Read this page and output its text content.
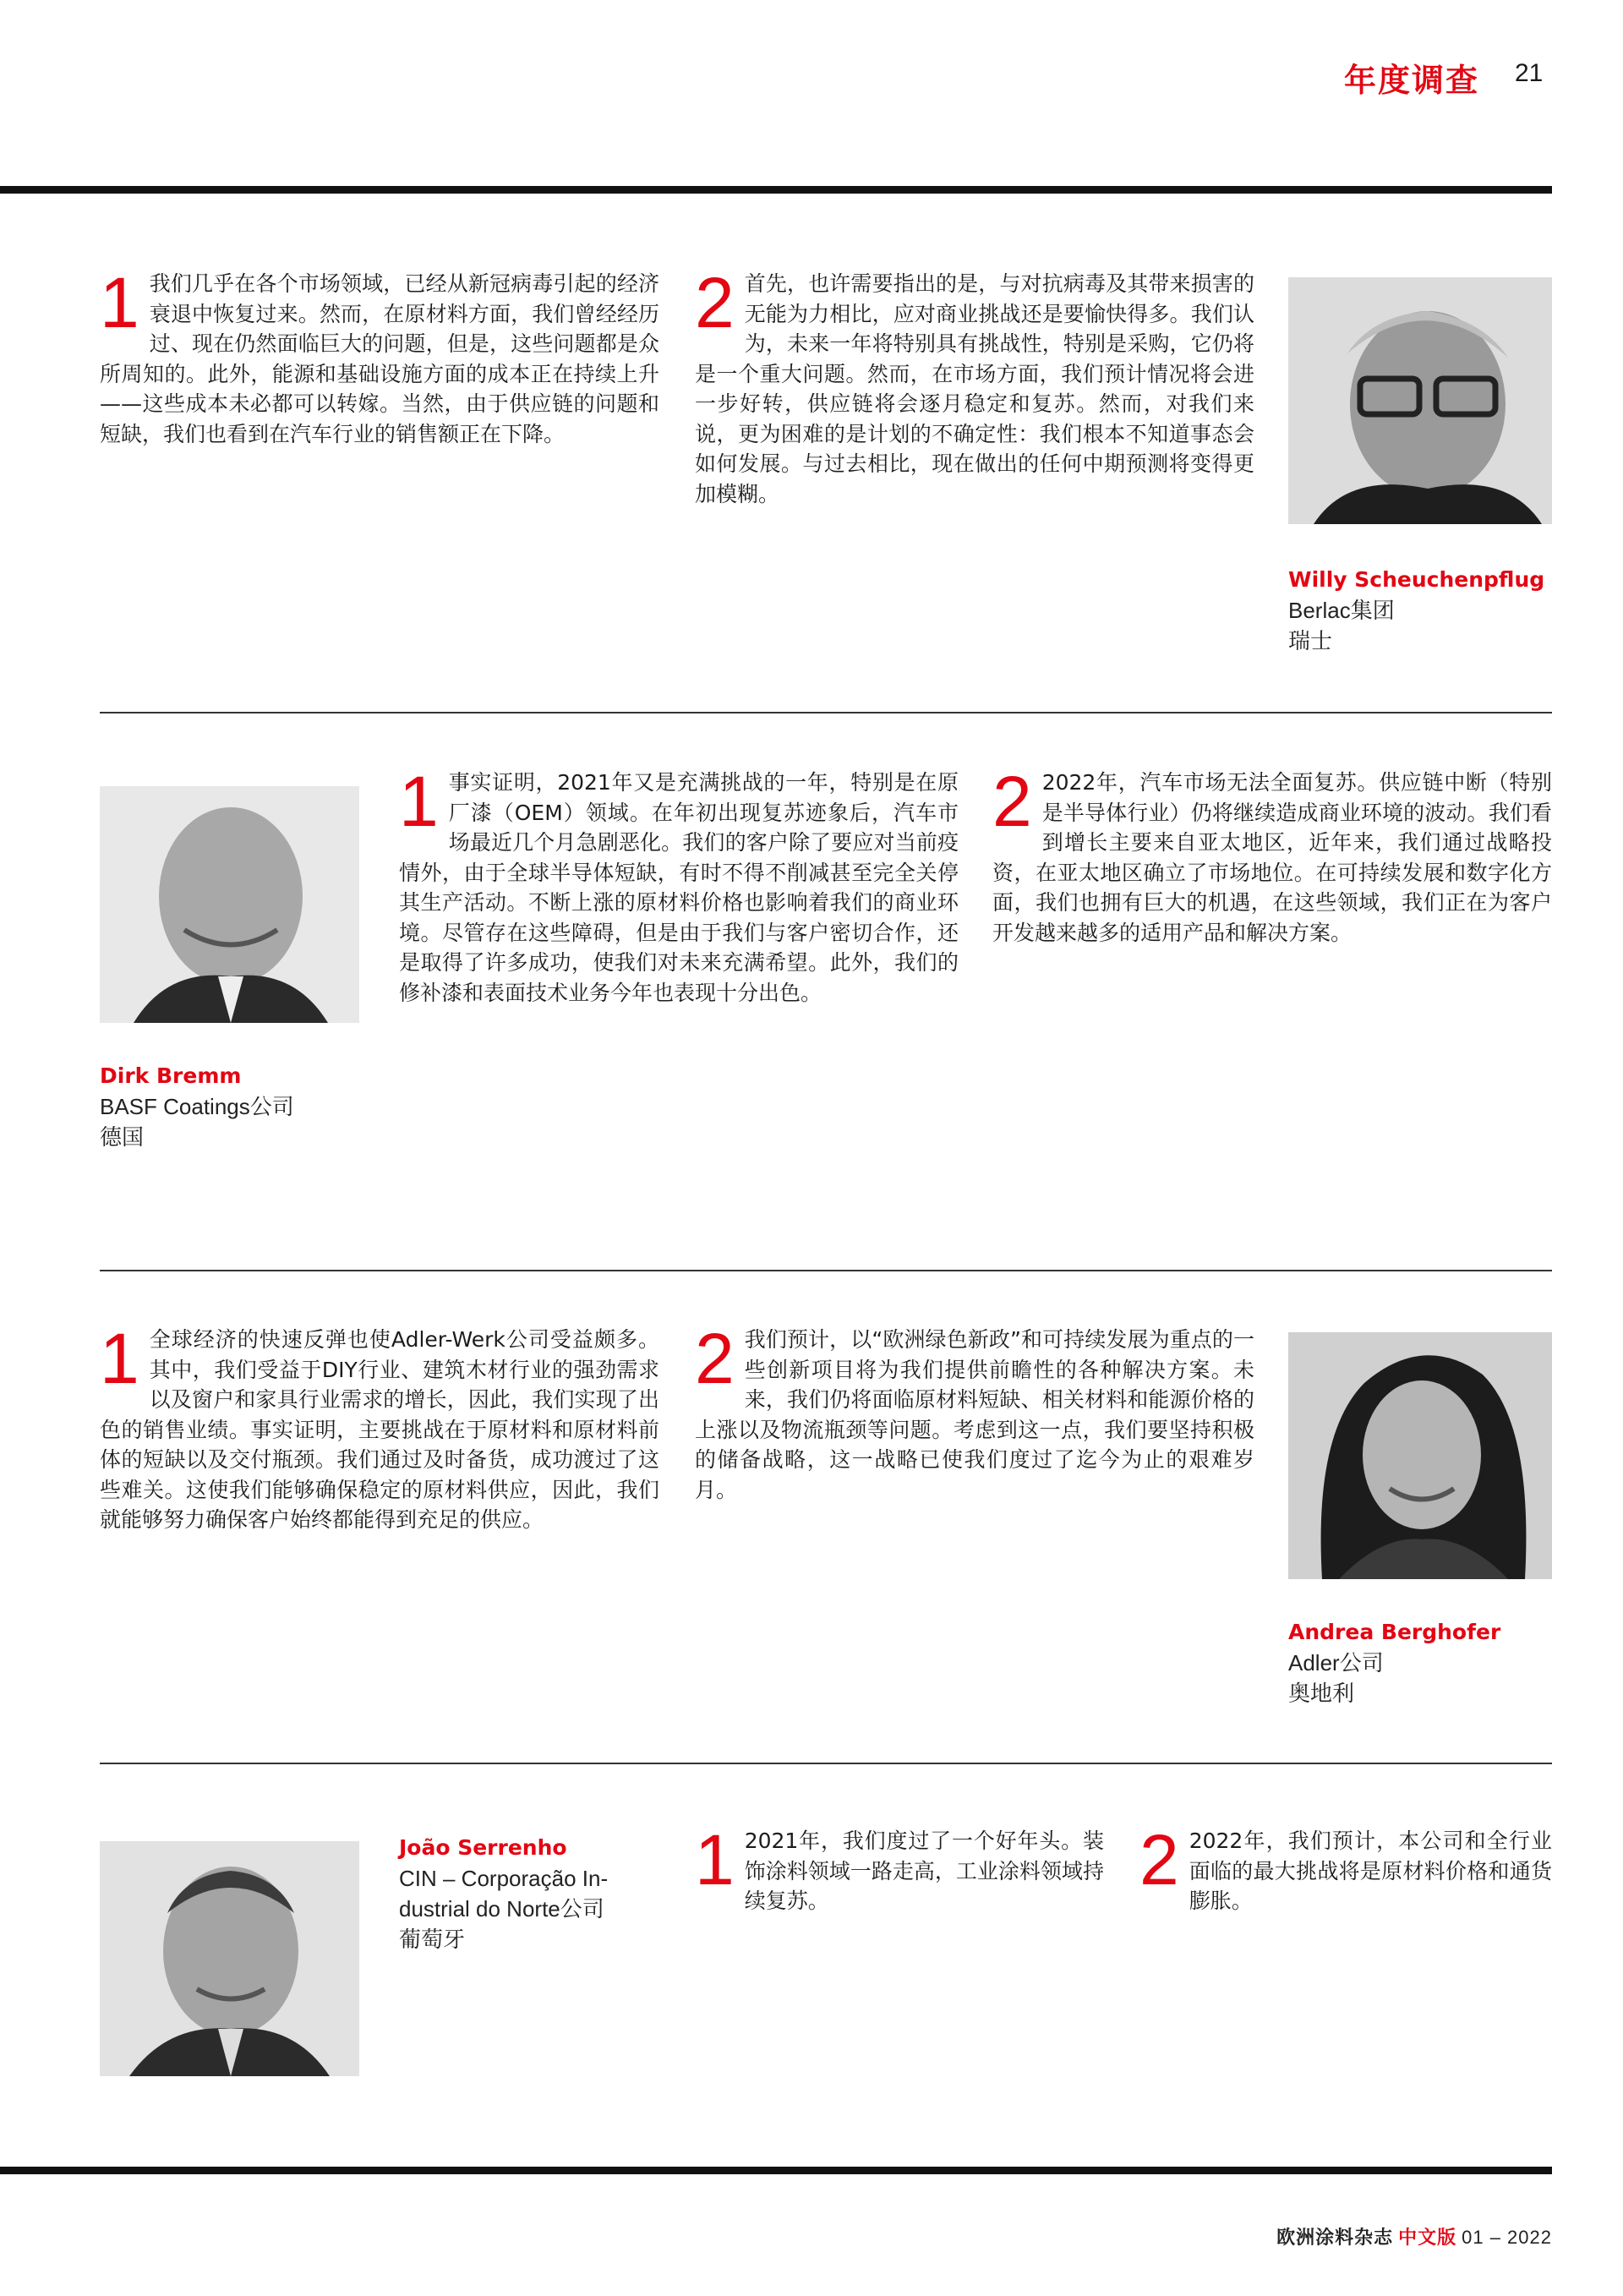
年度调查 21
1 我们几乎在各个市场领域，已经从新冠病毒引起的经济衰退中恢复过来。然而，在原材料方面，我们曾经经历过、现在仍然面临巨大的问题，但是，这些问题都是众所周知的。此外，能源和基础设施方面的成本正在持续上升——这些成本未必都可以转嫁。当然，由于供应链的问题和短缺，我们也看到在汽车行业的销售额正在下降。
2 首先，也许需要指出的是，与对抗病毒及其带来损害的无能为力相比，应对商业挑战还是要愉快得多。我们认为，未来一年将特别具有挑战性，特别是采购，它仍将是一个重大问题。然而，在市场方面，我们预计情况将会进一步好转，供应链将会逐月稳定和复苏。然而，对我们来说，更为困难的是计划的不确定性：我们根本不知道事态会如何发展。与过去相比，现在做出的任何中期预测将变得更加模糊。
Willy Scheuchenpflug
Berlac集团
瑞士
Dirk Bremm
BASF Coatings公司
德国
1 事实证明，2021年又是充满挑战的一年，特别是在原厂漆（OEM）领域。在年初出现复苏迹象后，汽车市场最近几个月急剧恶化。我们的客户除了要应对当前疫情外，由于全球半导体短缺，有时不得不削减甚至完全关停其生产活动。不断上涨的原材料价格也影响着我们的商业环境。尽管存在这些障碍，但是由于我们与客户密切合作，还是取得了许多成功，使我们对未来充满希望。此外，我们的修补漆和表面技术业务今年也表现十分出色。
2 2022年，汽车市场无法全面复苏。供应链中断（特别是半导体行业）仍将继续造成商业环境的波动。我们看到增长主要来自亚太地区，近年来，我们通过战略投资，在亚太地区确立了市场地位。在可持续发展和数字化方面，我们也拥有巨大的机遇，在这些领域，我们正在为客户开发越来越多的适用产品和解决方案。
1 全球经济的快速反弹也使Adler-Werk公司受益颇多。其中，我们受益于DIY行业、建筑木材行业的强劲需求以及窗户和家具行业需求的增长，因此，我们实现了出色的销售业绩。事实证明，主要挑战在于原材料和原材料前体的短缺以及交付瓶颈。我们通过及时备货，成功渡过了这些难关。这使我们能够确保稳定的原材料供应，因此，我们就能够努力确保客户始终都能得到充足的供应。
2 我们预计，以“欧洲绿色新政”和可持续发展为重点的一些创新项目将为我们提供前瞻性的各种解决方案。未来，我们仍将面临原材料短缺、相关材料和能源价格的上涨以及物流瓶颈等问题。考虑到这一点，我们要坚持积极的储备战略，这一战略已使我们度过了迄今为止的艰难岁月。
Andrea Berghofer
Adler公司
奥地利
João Serrenho
CIN – Corporação In-
dustrial do Norte公司
葡萄牙
1 2021年，我们度过了一个好年头。装饰涂料领域一路走高，工业涂料领域持续复苏。
2 2022年，我们预计，本公司和全行业面临的最大挑战将是原材料价格和通货膨胀。
欧洲涂料杂志 中文版 01 – 2022
